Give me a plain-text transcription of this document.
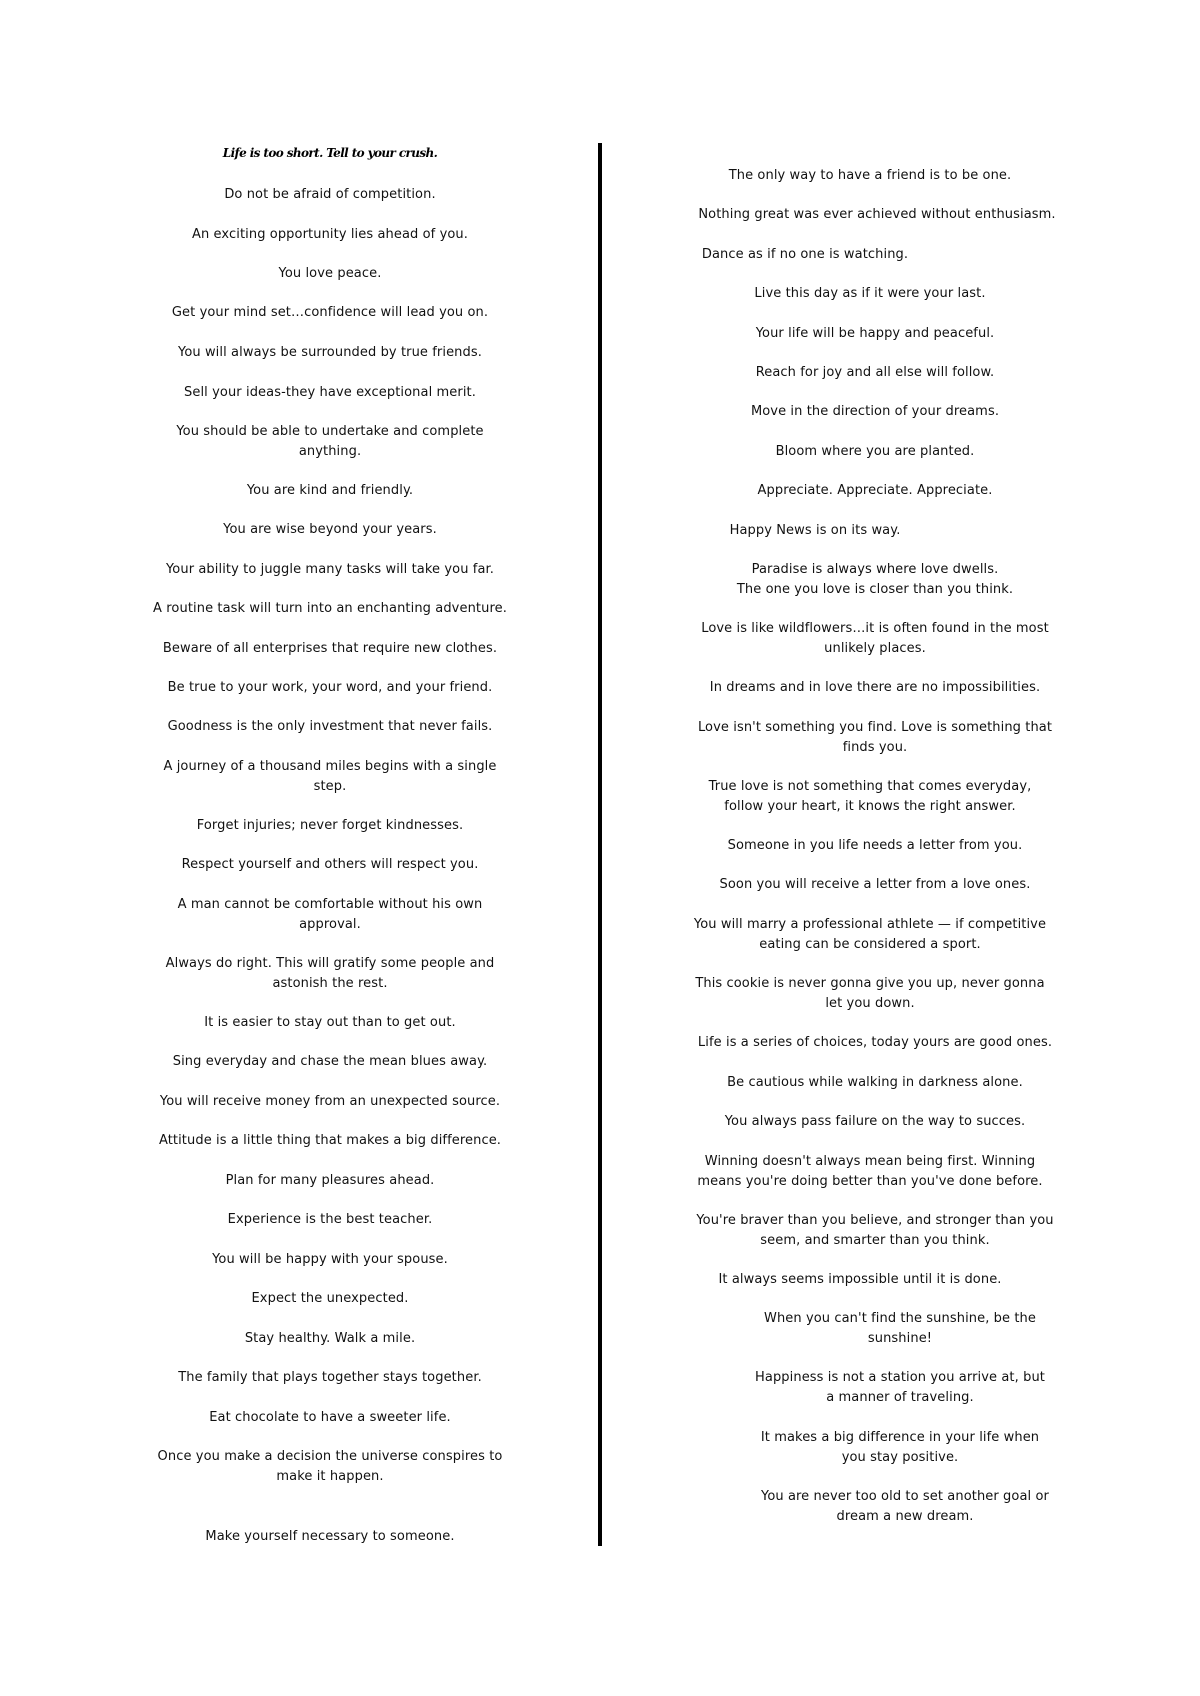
Life is too short. Tell to your crush.
Do not be afraid of competition.
An exciting opportunity lies ahead of you.
You love peace.
Get your mind set…confidence will lead you on.
You will always be surrounded by true friends.
Sell your ideas-they have exceptional merit.
You should be able to undertake and complete anything.
You are kind and friendly.
You are wise beyond your years.
Your ability to juggle many tasks will take you far.
A routine task will turn into an enchanting adventure.
Beware of all enterprises that require new clothes.
Be true to your work, your word, and your friend.
Goodness is the only investment that never fails.
A journey of a thousand miles begins with a single step.
Forget injuries; never forget kindnesses.
Respect yourself and others will respect you.
A man cannot be comfortable without his own approval.
Always do right. This will gratify some people and astonish the rest.
It is easier to stay out than to get out.
Sing everyday and chase the mean blues away.
You will receive money from an unexpected source.
Attitude is a little thing that makes a big difference.
Plan for many pleasures ahead.
Experience is the best teacher.
You will be happy with your spouse.
Expect the unexpected.
Stay healthy. Walk a mile.
The family that plays together stays together.
Eat chocolate to have a sweeter life.
Once you make a decision the universe conspires to make it happen.
Make yourself necessary to someone.
The only way to have a friend is to be one.
Nothing great was ever achieved without enthusiasm.
Dance as if no one is watching.
Live this day as if it were your last.
Your life will be happy and peaceful.
Reach for joy and all else will follow.
Move in the direction of your dreams.
Bloom where you are planted.
Appreciate. Appreciate. Appreciate.
Happy News is on its way.
Paradise is always where love dwells.
The one you love is closer than you think.
Love is like wildflowers…it is often found in the most unlikely places.
In dreams and in love there are no impossibilities.
Love isn't something you find. Love is something that finds you.
True love is not something that comes everyday, follow your heart, it knows the right answer.
Someone in you life needs a letter from you.
Soon you will receive a letter from a love ones.
You will marry a professional athlete — if competitive eating can be considered a sport.
This cookie is never gonna give you up, never gonna let you down.
Life is a series of choices, today yours are good ones.
Be cautious while walking in darkness alone.
You always pass failure on the way to succes.
Winning doesn't always mean being first. Winning means you're doing better than you've done before.
You're braver than you believe, and stronger than you seem, and smarter than you think.
It always seems impossible until it is done.
When you can't find the sunshine, be the sunshine!
Happiness is not a station you arrive at, but a manner of traveling.
It makes a big difference in your life when you stay positive.
You are never too old to set another goal or dream a new dream.
